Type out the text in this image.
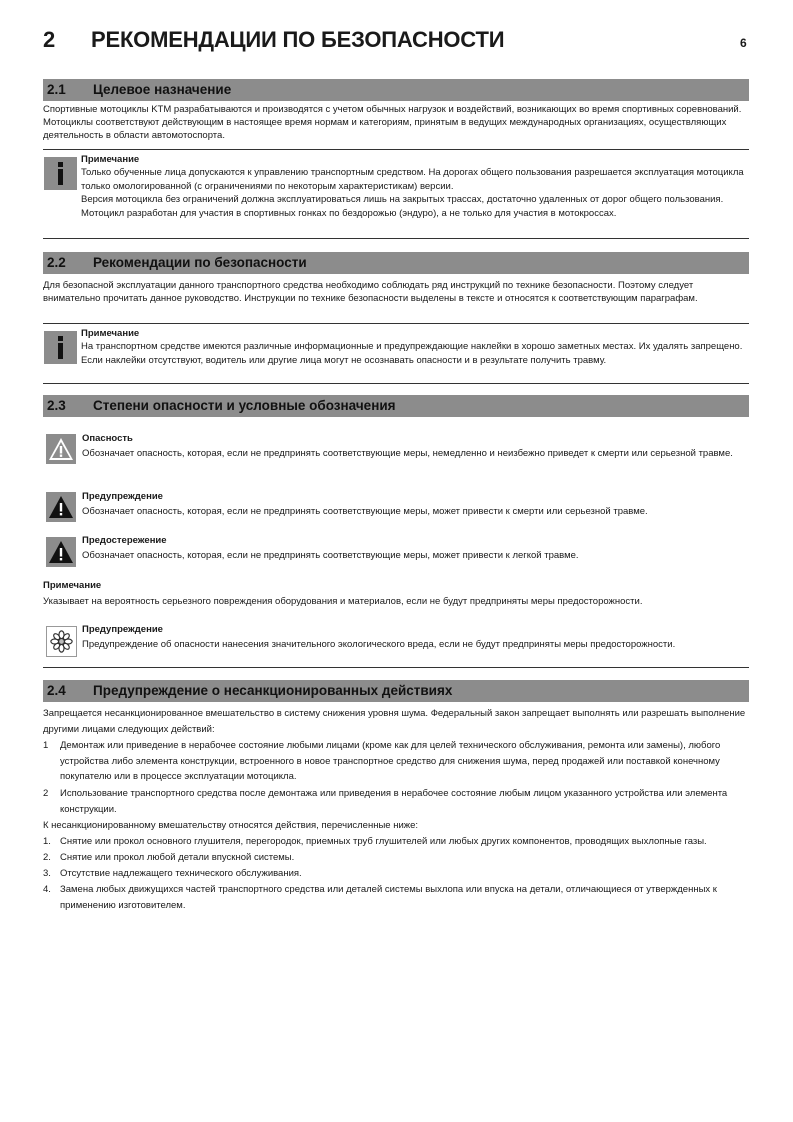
2 РЕКОМЕНДАЦИИ ПО БЕЗОПАСНОСТИ	6
2.1 Целевое назначение

Спортивные мотоциклы KTM разрабатываются и производятся с учетом обычных нагрузок и воздействий, возникающих во время спортивных соревнований. Мотоциклы соответствуют действующим в настоящее время нормам и категориям, принятым в ведущих международных организациях, осуществляющих деятельность в области автомотоспорта.

Примечание

Только обученные лица допускаются к управлению транспортным средством. На дорогах общего пользования разрешается эксплуатация мотоцикла только омологированной (с ограничениями по некоторым характеристикам) версии.

Версия мотоцикла без ограничений должна эксплуатироваться лишь на закрытых трассах, достаточно удаленных от дорог общего пользования. Мотоцикл разработан для участия в спортивных гонках по бездорожью (эндуро), а не только для участия в мотокроссах.

2.2 Рекомендации по безопасности

Для безопасной эксплуатации данного транспортного средства необходимо соблюдать ряд инструкций по технике безопасности. Поэтому следует внимательно прочитать данное руководство. Инструкции по технике безопасности выделены в тексте и относятся к соответствующим параграфам.

Примечание

На транспортном средстве имеются различные информационные и предупреждающие наклейки в хорошо заметных местах. Их удалять запрещено. Если наклейки отсутствуют, водитель или другие лица могут не осознавать опасности и в результате получить травму.

2.3 Степени опасности и условные обозначения
Опасность

Обозначает опасность, которая, если не предпринять соответствующие меры, немедленно и неизбежно приведет к смерти или серьезной травме.

Предупреждение

Обозначает опасность, которая, если не предпринять соответствующие меры, может привести к смерти или серьезной травме.

Предостережение

Обозначает опасность, которая, если не предпринять соответствующие меры, может привести к легкой травме.

Примечание

Указывает на вероятность серьезного повреждения оборудования и материалов, если не будут предприняты меры предосторожности.

Предупреждение

Предупреждение об опасности нанесения значительного экологического вреда, если не будут предприняты меры предосторожности.

2.4 Предупреждение о несанкционированных действиях

Запрещается несанкционированное вмешательство в систему снижения уровня шума. Федеральный закон запрещает выполнять или разрешать выполнение другими лицами следующих действий:

1 Демонтаж или приведение в нерабочее состояние любыми лицами (кроме как для целей технического обслуживания, ремонта или замены), любого устройства либо элемента конструкции, встроенного в новое транспортное средство для снижения шума, перед продажей или поставкой конечному покупателю или в процессе эксплуатации мотоцикла.
2 Использование транспортного средства после демонтажа или приведения в нерабочее состояние любым лицом указанного устройства или элемента конструкции.

К несанкционированному вмешательству относятся действия, перечисленные ниже:

1. Снятие или прокол основного глушителя, перегородок, приемных труб глушителей или любых других компонентов, проводящих выхлопные газы.
2. Снятие или прокол любой детали впускной системы.
3. Отсутствие надлежащего технического обслуживания.
4. Замена любых движущихся частей транспортного средства или деталей системы выхлопа или впуска на детали, отличающиеся от утвержденных к применению изготовителем.
